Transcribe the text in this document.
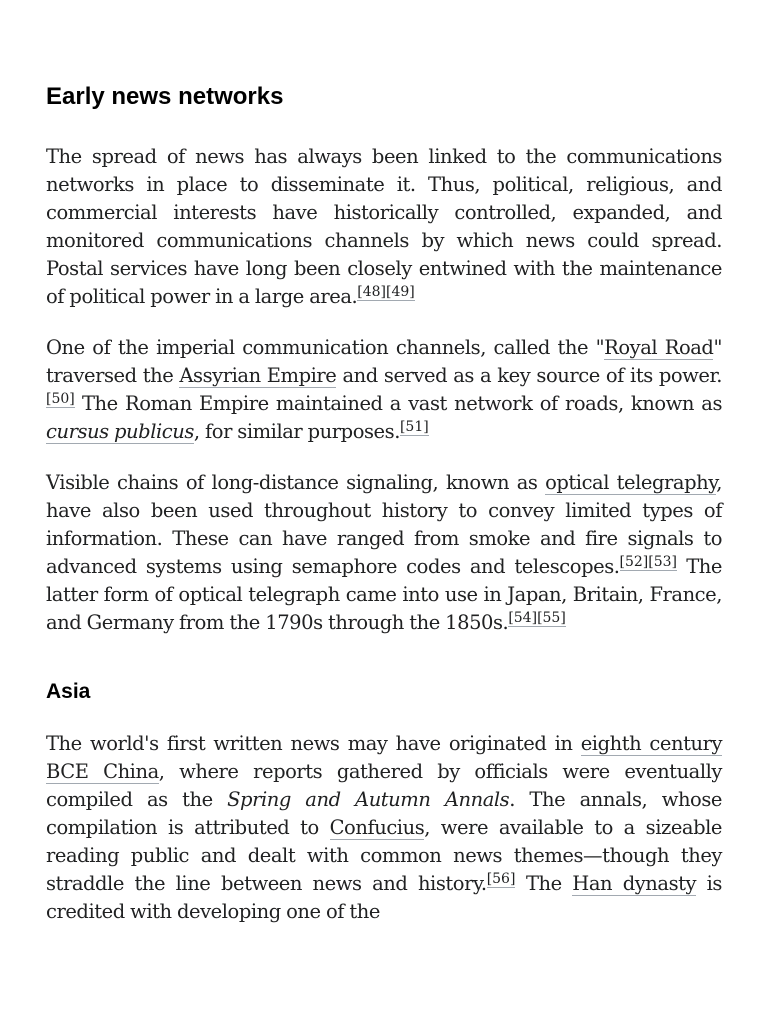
Early news networks

The spread of news has always been linked to the communications networks in place to disseminate it. Thus, political, religious, and commercial interests have historically controlled, expanded, and monitored communications channels by which news could spread. Postal services have long been closely entwined with the maintenance of political power in a large area.[48][49]

One of the imperial communication channels, called the "Royal Road" traversed the Assyrian Empire and served as a key source of its power.[50] The Roman Empire maintained a vast network of roads, known as cursus publicus, for similar purposes.[51]

Visible chains of long-distance signaling, known as optical telegraphy, have also been used throughout history to convey limited types of information. These can have ranged from smoke and fire signals to advanced systems using semaphore codes and telescopes.[52][53] The latter form of optical telegraph came into use in Japan, Britain, France, and Germany from the 1790s through the 1850s.[54][55]

Asia

The world's first written news may have originated in eighth century BCE China, where reports gathered by officials were eventually compiled as the Spring and Autumn Annals. The annals, whose compilation is attributed to Confucius, were available to a sizeable reading public and dealt with common news themes—though they straddle the line between news and history.[56] The Han dynasty is credited with developing one of the
